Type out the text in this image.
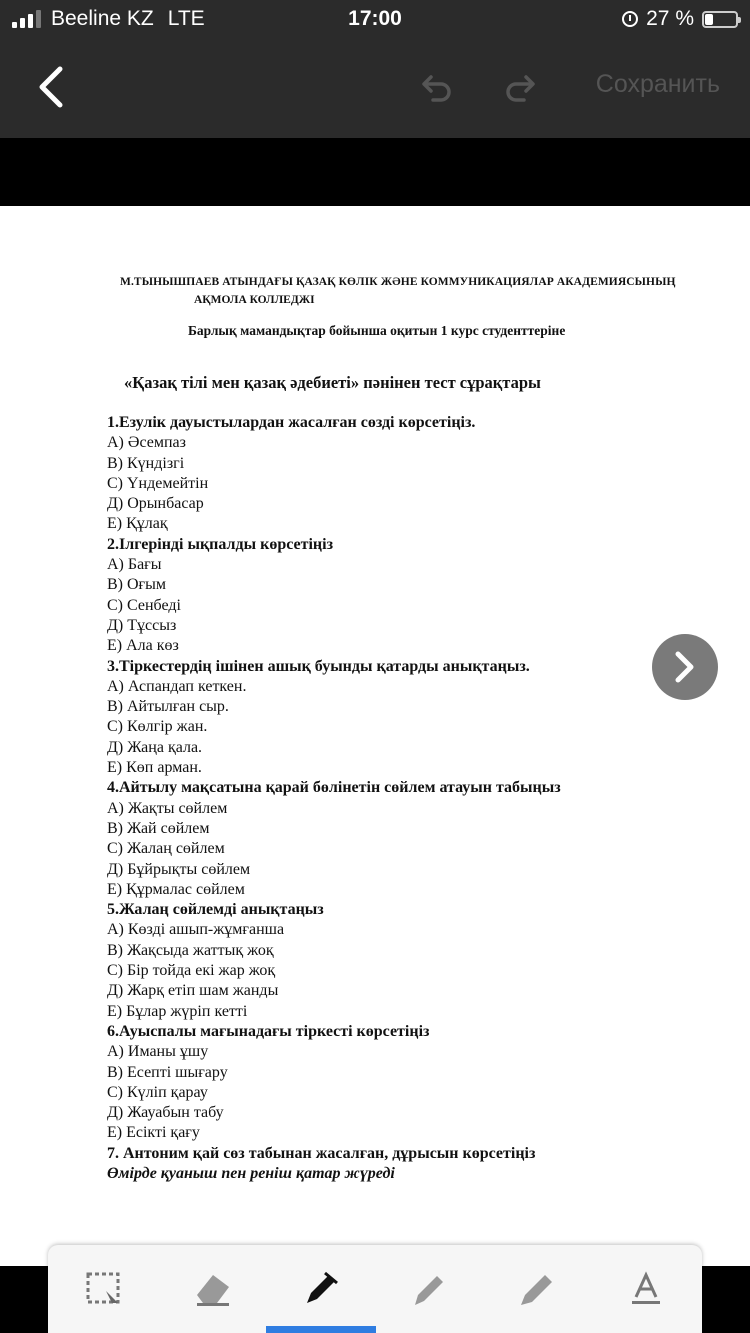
Beeline KZ LTE	17:00	27 %
Сохранить
М.ТЫНЫШПАЕВ АТЫНДАҒЫ ҚАЗАҚ КӨЛІК ЖӘНЕ КОММУНИКАЦИЯЛАР АКАДЕМИЯСЫНЫҢ
АҚМОЛА КОЛЛЕДЖІ
Барлық мамандықтар бойынша оқитын 1 курс студенттеріне
«Қазақ тілі мен қазақ әдебиеті» пәнінен тест сұрақтары
1.Езулік дауыстылардан жасалған сөзді көрсетіңіз.
А) Әсемпаз
В) Күндізгі
С) Үндемейтін
Д) Орынбасар
Е) Құлақ
2.Ілгерінді ықпалды көрсетіңіз
А) Бағы
В) Оғым
С) Сенбеді
Д) Тұссыз
Е) Ала көз
3.Тіркестердің ішінен ашық буынды қатарды анықтаңыз.
А) Аспандап кеткен.
В) Айтылған сыр.
С) Көлгір жан.
Д) Жаңа қала.
Е) Көп арман.
4.Айтылу мақсатына қарай бөлінетін сөйлем атауын табыңыз
А) Жақты сөйлем
В) Жай сөйлем
С) Жалаң сөйлем
Д) Бұйрықты сөйлем
Е) Құрмалас сөйлем
5.Жалаң сөйлемді анықтаңыз
А) Көзді ашып-жұмғанша
В) Жақсыда жаттық жоқ
С) Бір тойда екі жар жоқ
Д) Жарқ етіп шам жанды
Е) Бұлар жүріп кетті
6.Ауыспалы мағынадағы тіркесті көрсетіңіз
А) Иманы ұшу
В) Есепті шығару
С) Күліп қарау
Д) Жауабын табу
Е) Есікті қағу
7. Антоним қай сөз табынан жасалған, дұрысын көрсетіңіз
Өмірде қуаныш пен реніш қатар жүреді
